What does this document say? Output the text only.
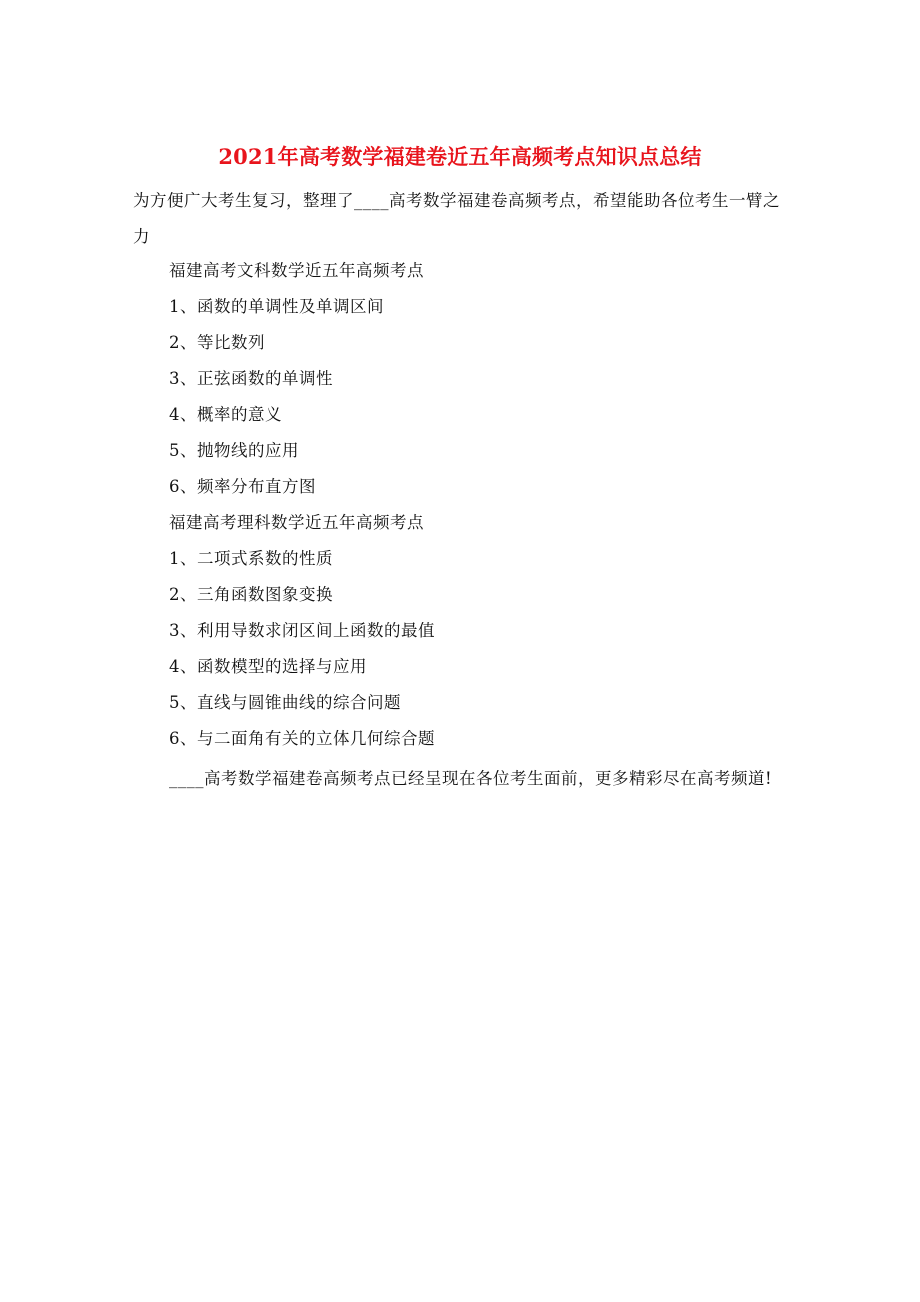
2021年高考数学福建卷近五年高频考点知识点总结
为方便广大考生复习，整理了____高考数学福建卷高频考点，希望能助各位考生一臂之力
福建高考文科数学近五年高频考点
1、函数的单调性及单调区间
2、等比数列
3、正弦函数的单调性
4、概率的意义
5、抛物线的应用
6、频率分布直方图
福建高考理科数学近五年高频考点
1、二项式系数的性质
2、三角函数图象变换
3、利用导数求闭区间上函数的最值
4、函数模型的选择与应用
5、直线与圆锥曲线的综合问题
6、与二面角有关的立体几何综合题
____高考数学福建卷高频考点已经呈现在各位考生面前，更多精彩尽在高考频道!
